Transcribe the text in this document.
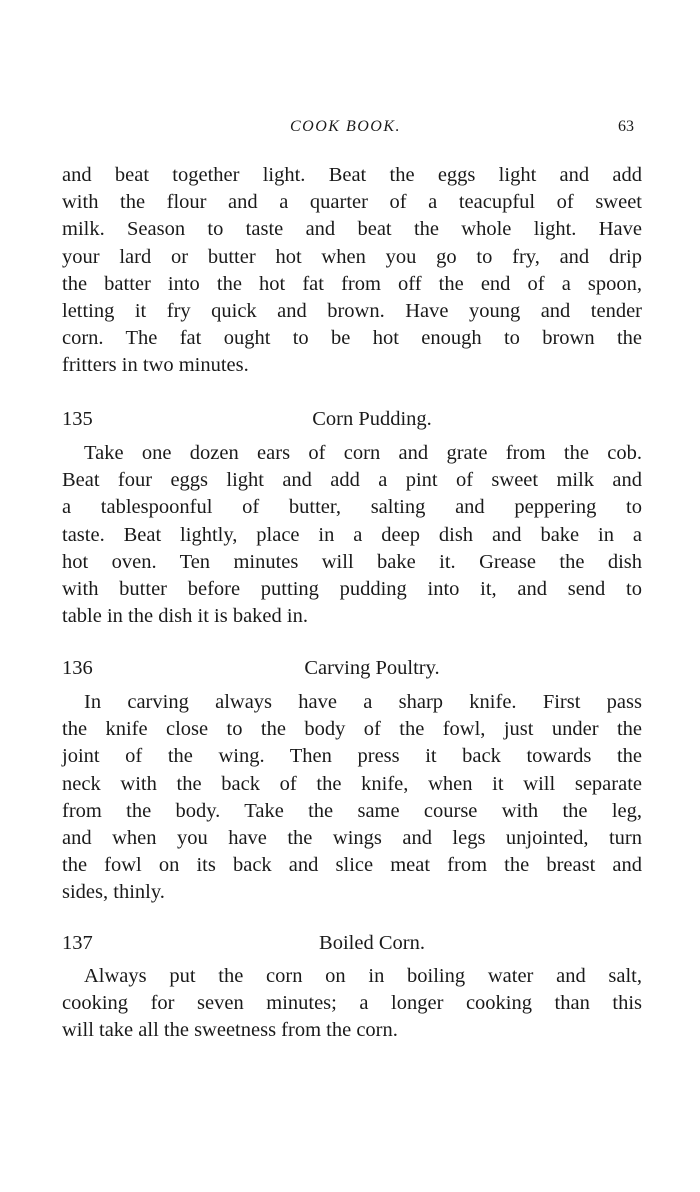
COOK BOOK.	63
and beat together light. Beat the eggs light and add
with the flour and a quarter of a teacupful of sweet
milk. Season to taste and beat the whole light. Have
your lard or butter hot when you go to fry, and drip
the batter into the hot fat from off the end of a spoon,
letting it fry quick and brown. Have young and tender
corn. The fat ought to be hot enough to brown the
fritters in two minutes.
135	Corn Pudding.
Take one dozen ears of corn and grate from the cob.
Beat four eggs light and add a pint of sweet milk and
a tablespoonful of butter, salting and peppering to
taste. Beat lightly, place in a deep dish and bake in a
hot oven. Ten minutes will bake it. Grease the dish
with butter before putting pudding into it, and send to
table in the dish it is baked in.
136	Carving Poultry.
In carving always have a sharp knife. First pass
the knife close to the body of the fowl, just under the
joint of the wing. Then press it back towards the
neck with the back of the knife, when it will separate
from the body. Take the same course with the leg,
and when you have the wings and legs unjointed, turn
the fowl on its back and slice meat from the breast and
sides, thinly.
137	Boiled Corn.
Always put the corn on in boiling water and salt,
cooking for seven minutes; a longer cooking than this
will take all the sweetness from the corn.
